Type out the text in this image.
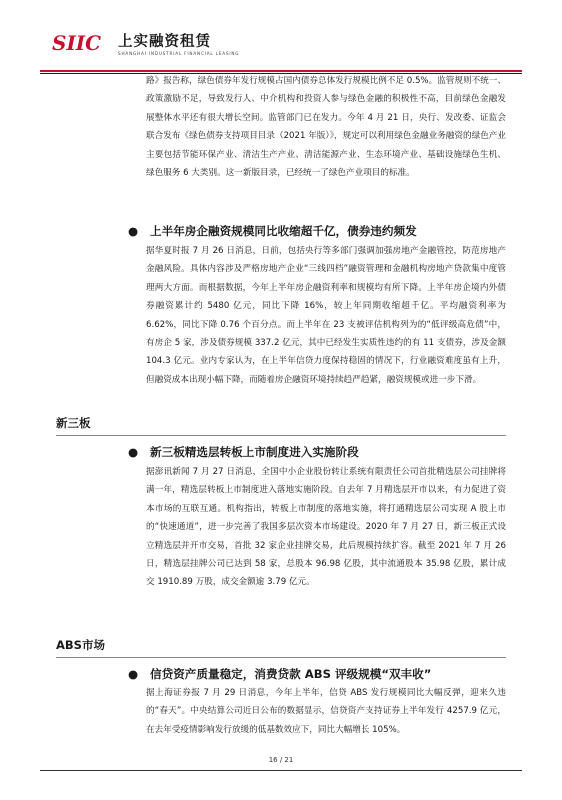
SIIC	上实融资租赁
SHANGHAI INDUSTRIAL FINANCIAL LEASING

路》报告称，绿色债券年发行规模占国内债券总体发行规模比例不足 0.5%。监管规则不统一、政策激励不足，导致发行人、中介机构和投资人参与绿色金融的积极性不高，目前绿色金融发展整体水平还有很大增长空间。监管部门已在发力。今年 4 月 21 日，央行、发改委、证监会联合发布《绿色债券支持项目目录（2021 年版）》，规定可以利用绿色金融业务融资的绿色产业主要包括节能环保产业、清洁生产产业、清洁能源产业、生态环境产业、基础设施绿色生机、绿色服务 6 大类别。这一新版目录，已经统一了绿色产业项目的标准。

● 上半年房企融资规模同比收缩超千亿，债券违约频发

据华夏时报 7 月 26 日消息，日前，包括央行等多部门强调加强房地产金融管控，防范房地产金融风险。具体内容涉及严格房地产企业“三线四档”融资管理和金融机构房地产贷款集中度管理两大方面。而根据数据，今年上半年房企融资利率和规模均有所下降。上半年房企境内外债券融资累计约 5480 亿元，同比下降 16%，较上年同期收缩超千亿。平均融资利率为 6.62%，同比下降 0.76 个百分点。而上半年在 23 支被评估机构列为的“低评级高危债”中，有房企 5 家，涉及债券规模 337.2 亿元，其中已经发生实质性违约的有 11 支债券，涉及金额 104.3 亿元。业内专家认为，在上半年信贷力度保持稳固的情况下，行业融资难度虽有上升，但融资成本出现小幅下降，而随着房企融资环境持续趋严趋紧，融资规模或进一步下滑。

新三板

● 新三板精选层转板上市制度进入实施阶段

据澎讯新闻 7 月 27 日消息，全国中小企业股份转让系统有限责任公司首批精选层公司挂牌将满一年，精选层转板上市制度进入落地实施阶段。自去年 7 月精选层开市以来，有力促进了资本市场的互联互通。机构指出，转板上市制度的落地实施，将打通精选层公司实现 A 股上市的“快速通道”，进一步完善了我国多层次资本市场建设。2020 年 7 月 27 日，新三板正式设立精选层并开市交易，首批 32 家企业挂牌交易，此后规模持续扩容。截至 2021 年 7 月 26 日，精选层挂牌公司已达到 58 家，总股本 96.98 亿股，其中流通股本 35.98 亿股，累计成交 1910.89 万股，成交金额逾 3.79 亿元。

ABS市场

● 信贷资产质量稳定，消费贷款 ABS 评级规模“双丰收”

据上海证券报 7 月 29 日消息，今年上半年，信贷 ABS 发行规模同比大幅反弹，迎来久违的“春天”。中央结算公司近日公布的数据显示，信贷资产支持证券上半年发行 4257.9 亿元，在去年受疫情影响发行放缓的低基数效应下，同比大幅增长 105%。

16 / 21
